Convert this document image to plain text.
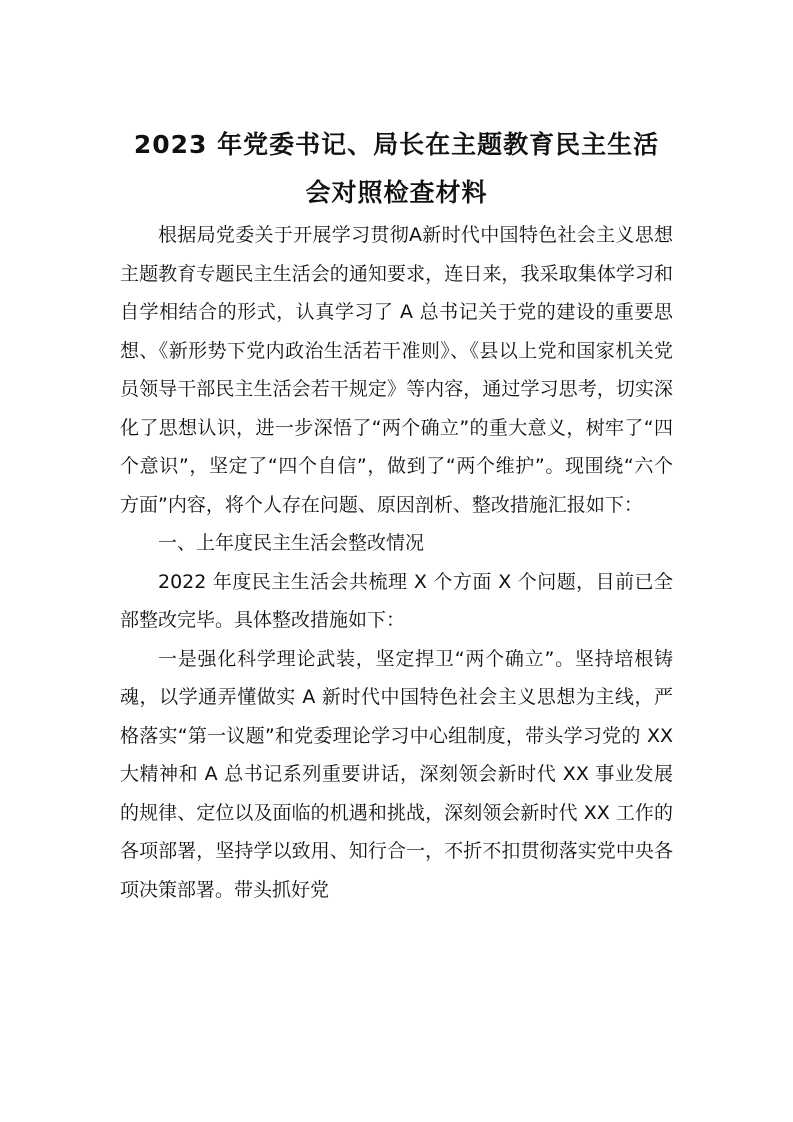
2023 年党委书记、局长在主题教育民主生活
会对照检查材料

根据局党委关于开展学习贯彻A新时代中国特色社会主义思想主题教育专题民主生活会的通知要求，连日来，我采取集体学习和自学相结合的形式，认真学习了 A 总书记关于党的建设的重要思想、《新形势下党内政治生活若干准则》、《县以上党和国家机关党员领导干部民主生活会若干规定》等内容，通过学习思考，切实深化了思想认识，进一步深悟了“两个确立”的重大意义，树牢了“四个意识”，坚定了“四个自信”，做到了“两个维护”。现围绕“六个方面”内容，将个人存在问题、原因剖析、整改措施汇报如下：

一、上年度民主生活会整改情况

2022 年度民主生活会共梳理 X 个方面 X 个问题，目前已全部整改完毕。具体整改措施如下：

一是强化科学理论武装，坚定捍卫“两个确立”。坚持培根铸魂，以学通弄懂做实 A 新时代中国特色社会主义思想为主线，严格落实“第一议题”和党委理论学习中心组制度，带头学习党的 XX 大精神和 A 总书记系列重要讲话，深刻领会新时代 XX 事业发展的规律、定位以及面临的机遇和挑战，深刻领会新时代 XX 工作的各项部署，坚持学以致用、知行合一，不折不扣贯彻落实党中央各项决策部署。带头抓好党
